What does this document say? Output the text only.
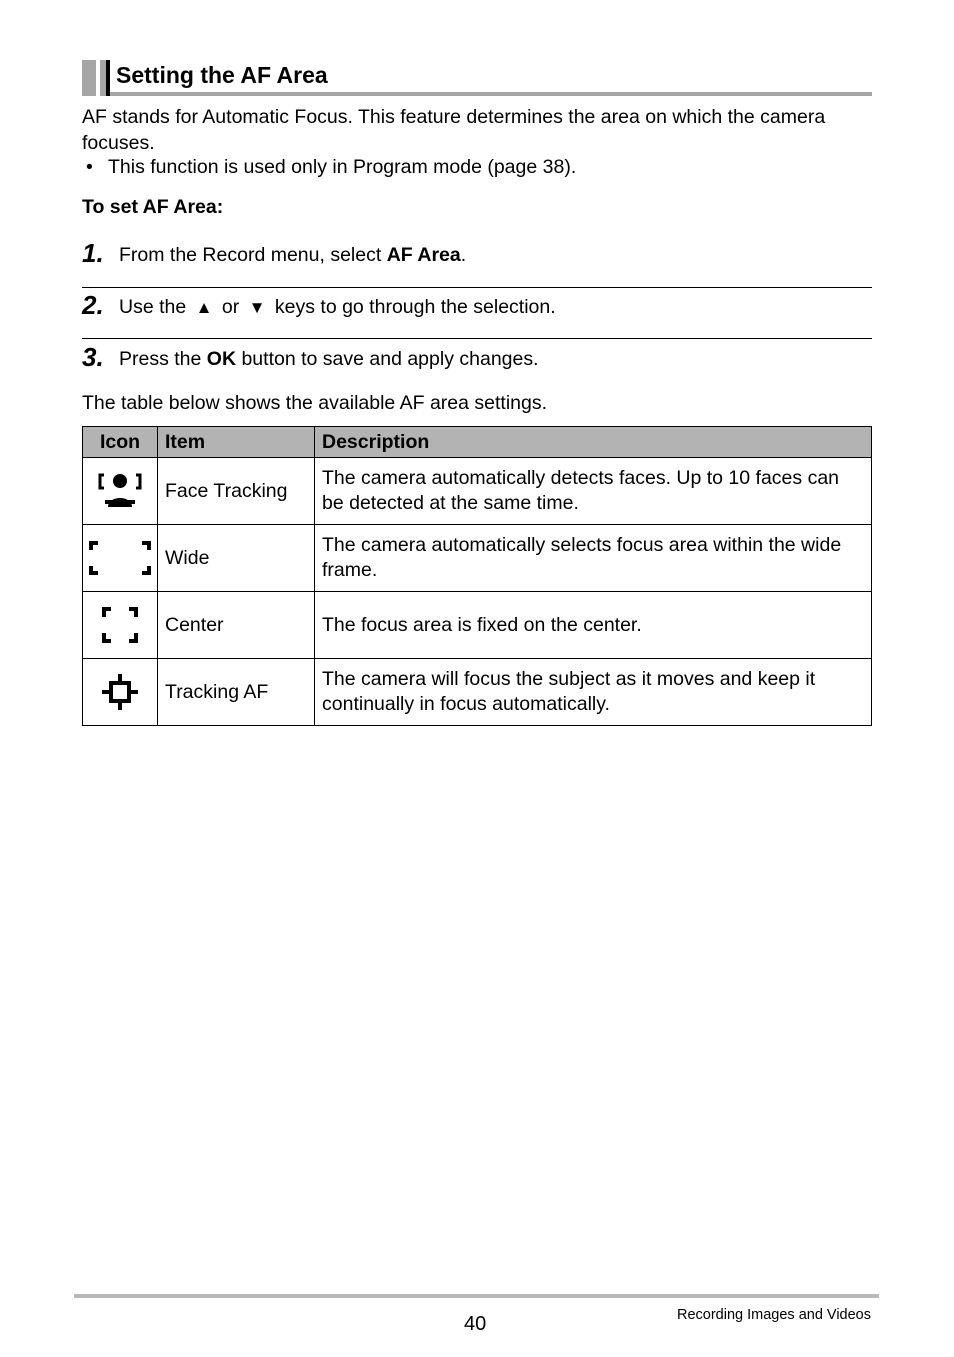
Setting the AF Area
AF stands for Automatic Focus. This feature determines the area on which the camera focuses.
• This function is used only in Program mode (page 38).
To set AF Area:
1. From the Record menu, select AF Area.
2. Use the ▲ or ▼ keys to go through the selection.
3. Press the OK button to save and apply changes.
The table below shows the available AF area settings.
Icon	Item	Description

	Face Tracking	The camera automatically detects faces. Up to 10 faces can be detected at the same time.

	Wide	The camera automatically selects focus area within the wide frame.

	Center	The focus area is fixed on the center.

	Tracking AF	The camera will focus the subject as it moves and keep it continually in focus automatically.
40	Recording Images and Videos
